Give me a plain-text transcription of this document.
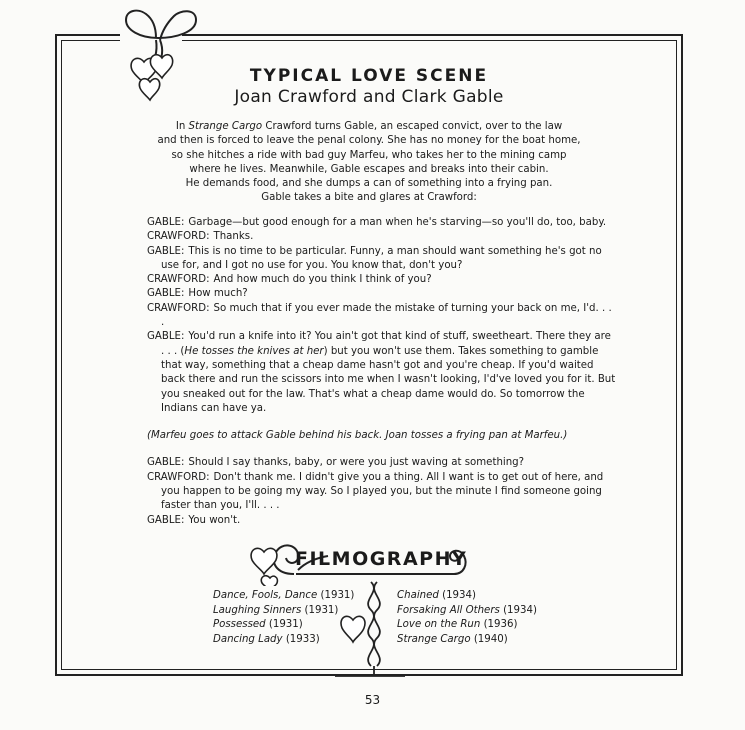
TYPICAL LOVE SCENE
Joan Crawford and Clark Gable

In Strange Cargo Crawford turns Gable, an escaped convict, over to the law

and then is forced to leave the penal colony. She has no money for the boat home,

so she hitches a ride with bad guy Marfeu, who takes her to the mining camp

where he lives. Meanwhile, Gable escapes and breaks into their cabin.

He demands food, and she dumps a can of something into a frying pan.

Gable takes a bite and glares at Crawford:

GABLE: Garbage—but good enough for a man when he's starving—so you'll do, too, baby.

CRAWFORD: Thanks.

GABLE: This is no time to be particular. Funny, a man should want something he's got no use for, and I got no use for you. You know that, don't you?

CRAWFORD: And how much do you think I think of you?

GABLE: How much?

CRAWFORD: So much that if you ever made the mistake of turning your back on me, I'd. . . .

GABLE: You'd run a knife into it? You ain't got that kind of stuff, sweetheart. There they are . . . (He tosses the knives at her) but you won't use them. Takes something to gamble that way, something that a cheap dame hasn't got and you're cheap. If you'd waited back there and run the scissors into me when I wasn't looking, I'd've loved you for it. But you sneaked out for the law. That's what a cheap dame would do. So tomorrow the Indians can have ya.

(Marfeu goes to attack Gable behind his back. Joan tosses a frying pan at Marfeu.)

GABLE: Should I say thanks, baby, or were you just waving at something?

CRAWFORD: Don't thank me. I didn't give you a thing. All I want is to get out of here, and you happen to be going my way. So I played you, but the minute I find someone going faster than you, I'll. . . .

GABLE: You won't.

FILMOGRAPHY
Dance, Fools, Dance (1931)
Laughing Sinners (1931)
Possessed (1931)
Dancing Lady (1933)
Chained (1934)
Forsaking All Others (1934)
Love on the Run (1936)
Strange Cargo (1940)
53
